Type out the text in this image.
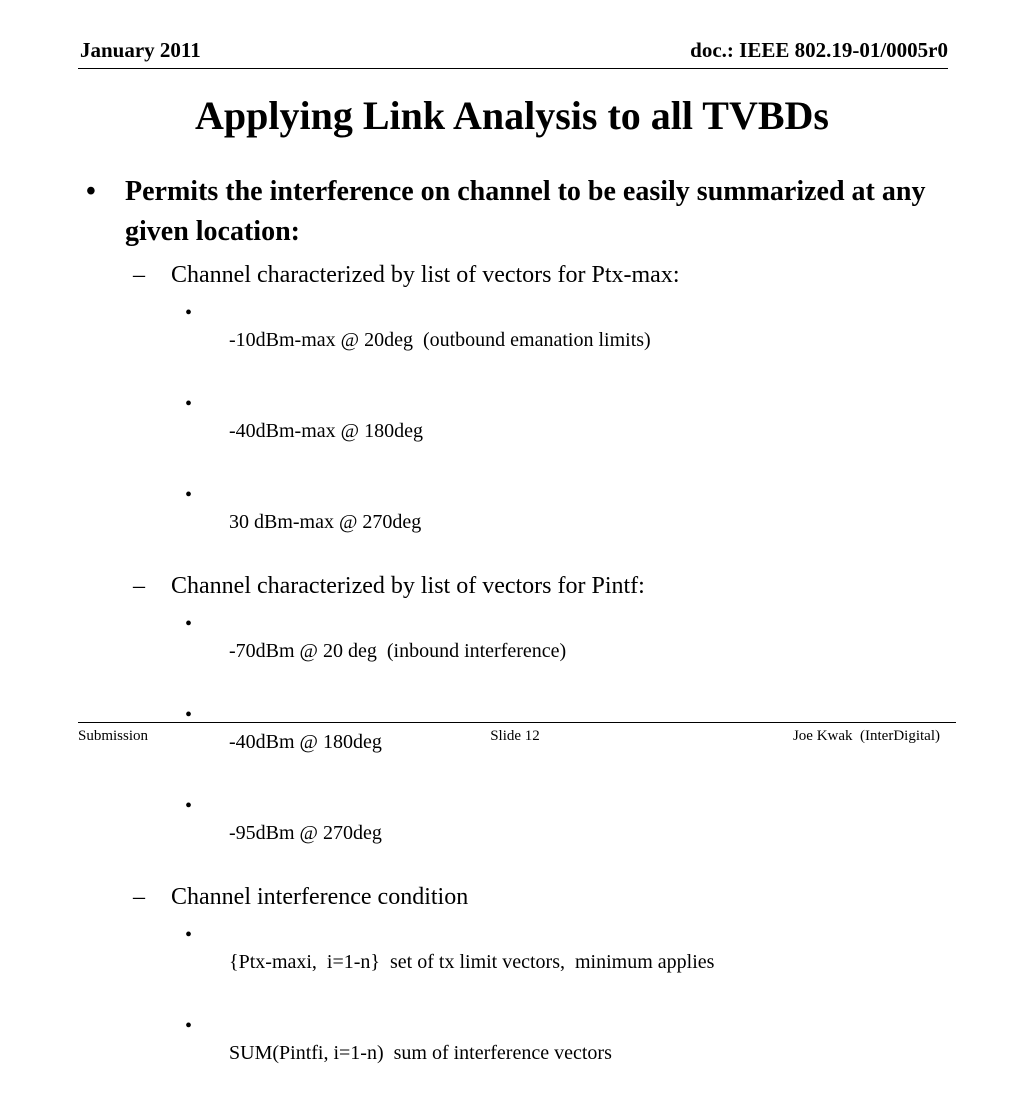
January 2011	doc.: IEEE 802.19-01/0005r0
Applying Link Analysis to all TVBDs
• Permits the interference on channel to be easily summarized at any given location:
– Channel characterized by list of vectors for Ptx-max:

•
-10dBm-max @ 20deg  (outbound emanation limits)

•
-40dBm-max @ 180deg

•
30 dBm-max @ 270deg

– Channel characterized by list of vectors for Pintf:

•
-70dBm @ 20 deg  (inbound interference)

•
-40dBm @ 180deg

•
-95dBm @ 270deg

– Channel interference condition

•
{Ptx-maxi,  i=1-n}  set of tx limit vectors,  minimum applies

•
SUM(Pintfi, i=1-n)  sum of interference vectors

Submission	Slide 12	Joe Kwak  (InterDigital)
